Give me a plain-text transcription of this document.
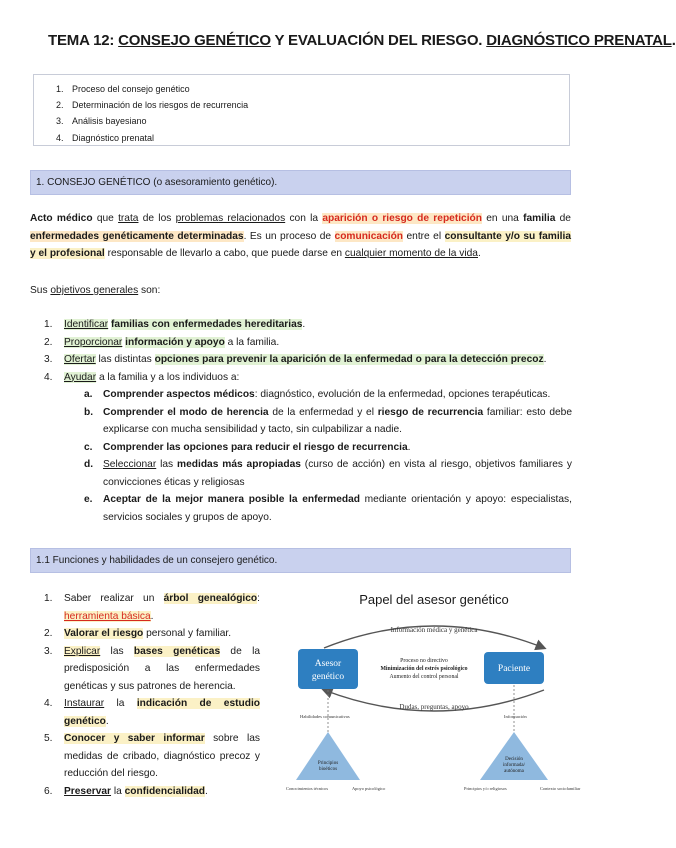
TEMA 12: CONSEJO GENÉTICO Y EVALUACIÓN DEL RIESGO. DIAGNÓSTICO PRENATAL.
1. Proceso del consejo genético
2. Determinación de los riesgos de recurrencia
3. Análisis bayesiano
4. Diagnóstico prenatal
1. CONSEJO GENÉTICO (o asesoramiento genético).
Acto médico que trata de los problemas relacionados con la aparición o riesgo de repetición en una familia de enfermedades genéticamente determinadas. Es un proceso de comunicación entre el consultante y/o su familia y el profesional responsable de llevarlo a cabo, que puede darse en cualquier momento de la vida.
Sus objetivos generales son:
1.	Identificar familias con enfermedades hereditarias.
2.	Proporcionar información y apoyo a la familia.
3.	Ofertar las distintas opciones para prevenir la aparición de la enfermedad o para la detección precoz.
4.	Ayudar a la familia y a los individuos a:
a.	Comprender aspectos médicos: diagnóstico, evolución de la enfermedad, opciones terapéuticas.
b. Comprender el modo de herencia de la enfermedad y el riesgo de recurrencia familiar: esto debe explicarse con mucha sensibilidad y tacto, sin culpabilizar a nadie.
c.	Comprender las opciones para reducir el riesgo de recurrencia.
d. Seleccionar las medidas más apropiadas (curso de acción) en vista al riesgo, objetivos familiares y convicciones éticas y religiosas
e.	Aceptar de la mejor manera posible la enfermedad mediante orientación y apoyo: especialistas, servicios sociales y grupos de apoyo.
1.1 Funciones y habilidades de un consejero genético.
1.	Saber realizar un árbol genealógico: herramienta básica.
2.	Valorar el riesgo personal y familiar.
3.	Explicar las bases genéticas de la predisposición a las enfermedades genéticas y sus patrones de herencia.
4.	Instaurar la indicación de estudio genético.
5.	Conocer y saber informar sobre las medidas de cribado, diagnóstico precoz y reducción del riesgo.
6.	Preservar la confidencialidad.
Papel del asesor genético
Información médica y genética
Dudas, preguntas, apoyo
Asesor
genético
Paciente
Proceso no directivo
Minimización del estrés psicológico
Aumento del control personal
Habilidades comunicativas
Principios
bioéticos
Conocimientos técnicos	Apoyo psicológico
Información
Decisión
informada/
autónoma
Principios y/o religiosos	Contexto sociofamiliar
